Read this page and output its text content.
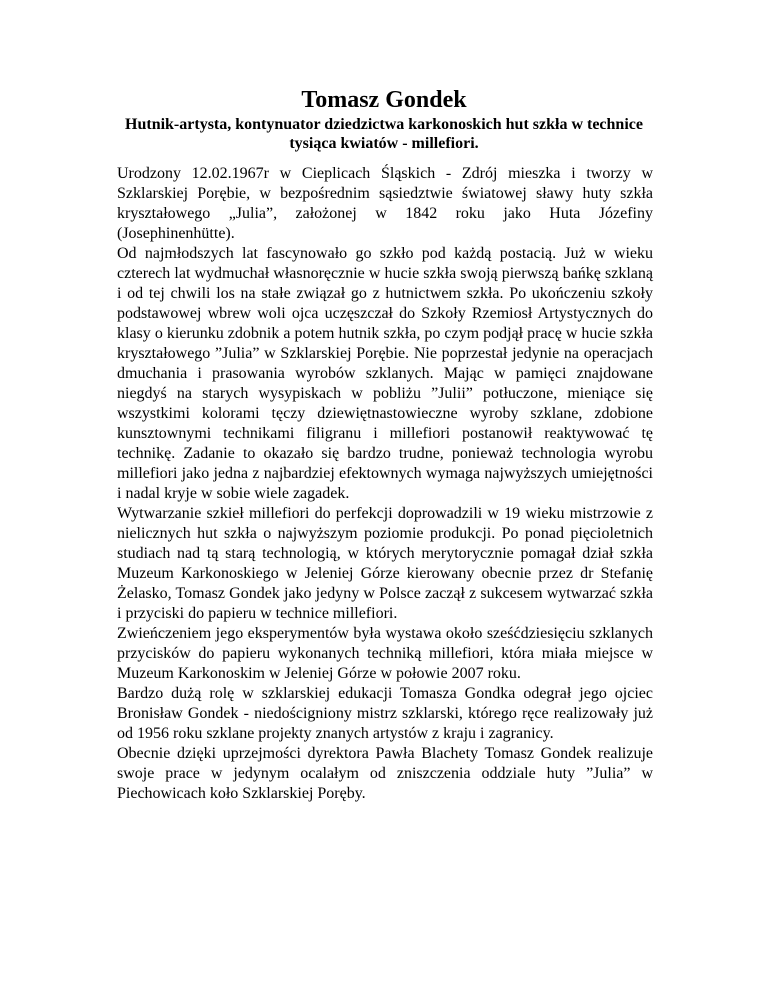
Tomasz Gondek
Hutnik-artysta, kontynuator dziedzictwa karkonoskich hut szkła w technice tysiąca kwiatów - millefiori.

Urodzony 12.02.1967r w Cieplicach Śląskich - Zdrój mieszka i tworzy w Szklarskiej Porębie, w bezpośrednim sąsiedztwie światowej sławy huty szkła kryształowego „Julia”, założonej w 1842 roku jako Huta Józefiny (Josephinenhütte).

Od najmłodszych lat fascynowało go szkło pod każdą postacią. Już w wieku czterech lat wydmuchał własnoręcznie w hucie szkła swoją pierwszą bańkę szklaną i od tej chwili los na stałe związał go z hutnictwem szkła. Po ukończeniu szkoły podstawowej wbrew woli ojca uczęszczał do Szkoły Rzemiosł Artystycznych do klasy o kierunku zdobnik a potem hutnik szkła, po czym podjął pracę w hucie szkła kryształowego ”Julia” w Szklarskiej Porębie. Nie poprzestał jedynie na operacjach dmuchania i prasowania wyrobów szklanych. Mając w pamięci znajdowane niegdyś na starych wysypiskach w pobliżu ”Julii” potłuczone, mieniące się wszystkimi kolorami tęczy dziewiętnastowieczne wyroby szklane, zdobione kunsztownymi technikami filigranu i millefiori postanowił reaktywować tę technikę. Zadanie to okazało się bardzo trudne, ponieważ technologia wyrobu millefiori jako jedna z najbardziej efektownych wymaga najwyższych umiejętności i nadal kryje w sobie wiele zagadek.

Wytwarzanie szkieł millefiori do perfekcji doprowadzili w 19 wieku mistrzowie z nielicznych hut szkła o najwyższym poziomie produkcji. Po ponad pięcioletnich studiach nad tą starą technologią, w których merytorycznie pomagał dział szkła Muzeum Karkonoskiego w Jeleniej Górze kierowany obecnie przez dr Stefanię Żelasko, Tomasz Gondek jako jedyny w Polsce zaczął z sukcesem wytwarzać szkła i przyciski do papieru w technice millefiori.

Zwieńczeniem jego eksperymentów była wystawa około sześćdziesięciu szklanych przycisków do papieru wykonanych techniką millefiori, która miała miejsce w Muzeum Karkonoskim w Jeleniej Górze w połowie 2007 roku.

Bardzo dużą rolę w szklarskiej edukacji Tomasza Gondka odegrał jego ojciec Bronisław Gondek - niedościgniony mistrz szklarski, którego ręce realizowały już od 1956 roku szklane projekty znanych artystów z kraju i zagranicy.

Obecnie dzięki uprzejmości dyrektora Pawła Blachety Tomasz Gondek realizuje swoje prace w jedynym ocalałym od zniszczenia oddziale huty ”Julia” w Piechowicach koło Szklarskiej Poręby.
